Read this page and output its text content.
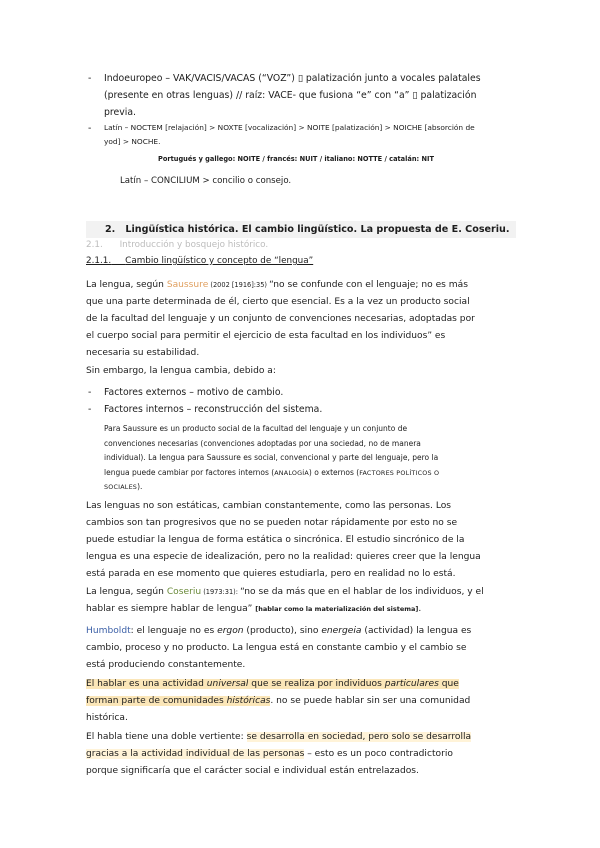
- Indoeuropeo – VAK/VACIS/VACAS (“VOZ”) ▯ palatización junto a vocales palatales
(presente en otras lenguas) // raíz: VACE- que fusiona “e” con “a” ▯ palatización
previa.
- Latín – NOCTEM [relajación] > NOXTE [vocalización] > NOITE [palatización] > NOICHE [absorción de
yod] > NOCHE.
Portugués y gallego: NOITE / francés: NUIT / italiano: NOTTE / catalán: NIT
Latín – CONCILIUM > concilio o consejo.
2. Lingüística histórica. El cambio lingüístico. La propuesta de E. Coseriu.
2.1. Introducción y bosquejo histórico.
2.1.1. Cambio lingüístico y concepto de “lengua”
La lengua, según Saussure (2002 [1916]:35) “no se confunde con el lenguaje; no es más
que una parte determinada de él, cierto que esencial. Es a la vez un producto social
de la facultad del lenguaje y un conjunto de convenciones necesarias, adoptadas por
el cuerpo social para permitir el ejercicio de esta facultad en los individuos” es
necesaria su estabilidad.
Sin embargo, la lengua cambia, debido a:
- Factores externos – motivo de cambio.
- Factores internos – reconstrucción del sistema.
Para Saussure es un producto social de la facultad del lenguaje y un conjunto de
convenciones necesarias (convenciones adoptadas por una sociedad, no de manera
individual). La lengua para Saussure es social, convencional y parte del lenguaje, pero la
lengua puede cambiar por factores internos (ANALOGÍA) o externos (FACTORES POLÍTICOS O
SOCIALES).
Las lenguas no son estáticas, cambian constantemente, como las personas. Los
cambios son tan progresivos que no se pueden notar rápidamente por esto no se
puede estudiar la lengua de forma estática o sincrónica. El estudio sincrónico de la
lengua es una especie de idealización, pero no la realidad: quieres creer que la lengua
está parada en ese momento que quieres estudiarla, pero en realidad no lo está.
La lengua, según Coseriu (1973:31): “no se da más que en el hablar de los individuos, y el
hablar es siempre hablar de lengua” [hablar como la materialización del sistema].
Humboldt: el lenguaje no es ergon (producto), sino energeia (actividad) la lengua es
cambio, proceso y no producto. La lengua está en constante cambio y el cambio se
está produciendo constantemente.
El hablar es una actividad universal que se realiza por individuos particulares que
forman parte de comunidades históricas. no se puede hablar sin ser una comunidad
histórica.
El habla tiene una doble vertiente: se desarrolla en sociedad, pero solo se desarrolla
gracias a la actividad individual de las personas – esto es un poco contradictorio
porque significaría que el carácter social e individual están entrelazados.
